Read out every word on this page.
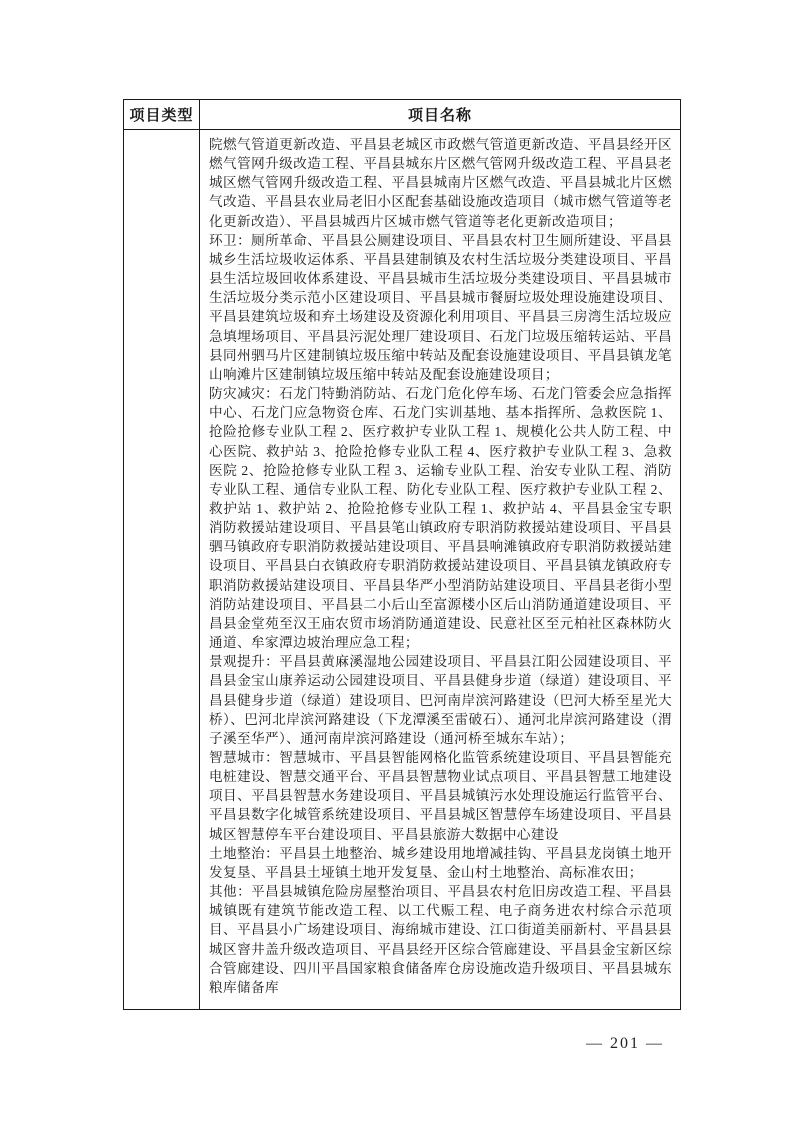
项目类型	项目名称
院燃气管道更新改造、平昌县老城区市政燃气管道更新改造、平昌县经开区燃气管网升级改造工程、平昌县城东片区燃气管网升级改造工程、平昌县老城区燃气管网升级改造工程、平昌县城南片区燃气改造、平昌县城北片区燃气改造、平昌县农业局老旧小区配套基础设施改造项目（城市燃气管道等老化更新改造）、平昌县城西片区城市燃气管道等老化更新改造项目；
环卫：厕所革命、平昌县公厕建设项目、平昌县农村卫生厕所建设、平昌县城乡生活垃圾收运体系、平昌县建制镇及农村生活垃圾分类建设项目、平昌县生活垃圾回收体系建设、平昌县城市生活垃圾分类建设项目、平昌县城市生活垃圾分类示范小区建设项目、平昌县城市餐厨垃圾处理设施建设项目、平昌县建筑垃圾和弃土场建设及资源化利用项目、平昌县三房湾生活垃圾应急填埋场项目、平昌县污泥处理厂建设项目、石龙门垃圾压缩转运站、平昌县同州驷马片区建制镇垃圾压缩中转站及配套设施建设项目、平昌县镇龙笔山响滩片区建制镇垃圾压缩中转站及配套设施建设项目；
防灾减灾：石龙门特勤消防站、石龙门危化停车场、石龙门管委会应急指挥中心、石龙门应急物资仓库、石龙门实训基地、基本指挥所、急救医院 1、抢险抢修专业队工程 2、医疗救护专业队工程 1、规模化公共人防工程、中心医院、救护站 3、抢险抢修专业队工程 4、医疗救护专业队工程 3、急救医院 2、抢险抢修专业队工程 3、运输专业队工程、治安专业队工程、消防专业队工程、通信专业队工程、防化专业队工程、医疗救护专业队工程 2、救护站 1、救护站 2、抢险抢修专业队工程 1、救护站 4、平昌县金宝专职消防救援站建设项目、平昌县笔山镇政府专职消防救援站建设项目、平昌县驷马镇政府专职消防救援站建设项目、平昌县响滩镇政府专职消防救援站建设项目、平昌县白衣镇政府专职消防救援站建设项目、平昌县镇龙镇政府专职消防救援站建设项目、平昌县华严小型消防站建设项目、平昌县老街小型消防站建设项目、平昌县二小后山至富源楼小区后山消防通道建设项目、平昌县金堂苑至汉王庙农贸市场消防通道建设、民意社区至元柏社区森林防火通道、牟家潭边坡治理应急工程；
景观提升：平昌县黄麻溪湿地公园建设项目、平昌县江阳公园建设项目、平昌县金宝山康养运动公园建设项目、平昌县健身步道（绿道）建设项目、平昌县健身步道（绿道）建设项目、巴河南岸滨河路建设（巴河大桥至星光大桥）、巴河北岸滨河路建设（下龙潭溪至雷破石）、通河北岸滨河路建设（渭子溪至华严）、通河南岸滨河路建设（通河桥至城东车站）；
智慧城市：智慧城市、平昌县智能网格化监管系统建设项目、平昌县智能充电桩建设、智慧交通平台、平昌县智慧物业试点项目、平昌县智慧工地建设项目、平昌县智慧水务建设项目、平昌县城镇污水处理设施运行监管平台、平昌县数字化城管系统建设项目、平昌县城区智慧停车场建设项目、平昌县城区智慧停车平台建设项目、平昌县旅游大数据中心建设
土地整治：平昌县土地整治、城乡建设用地增减挂钩、平昌县龙岗镇土地开发复垦、平昌县土垭镇土地开发复垦、金山村土地整治、高标准农田；
其他：平昌县城镇危险房屋整治项目、平昌县农村危旧房改造工程、平昌县城镇既有建筑节能改造工程、以工代赈工程、电子商务进农村综合示范项目、平昌县小广场建设项目、海绵城市建设、江口街道美丽新村、平昌县县城区窨井盖升级改造项目、平昌县经开区综合管廊建设、平昌县金宝新区综合管廊建设、四川平昌国家粮食储备库仓房设施改造升级项目、平昌县城东粮库储备库
— 201 —
